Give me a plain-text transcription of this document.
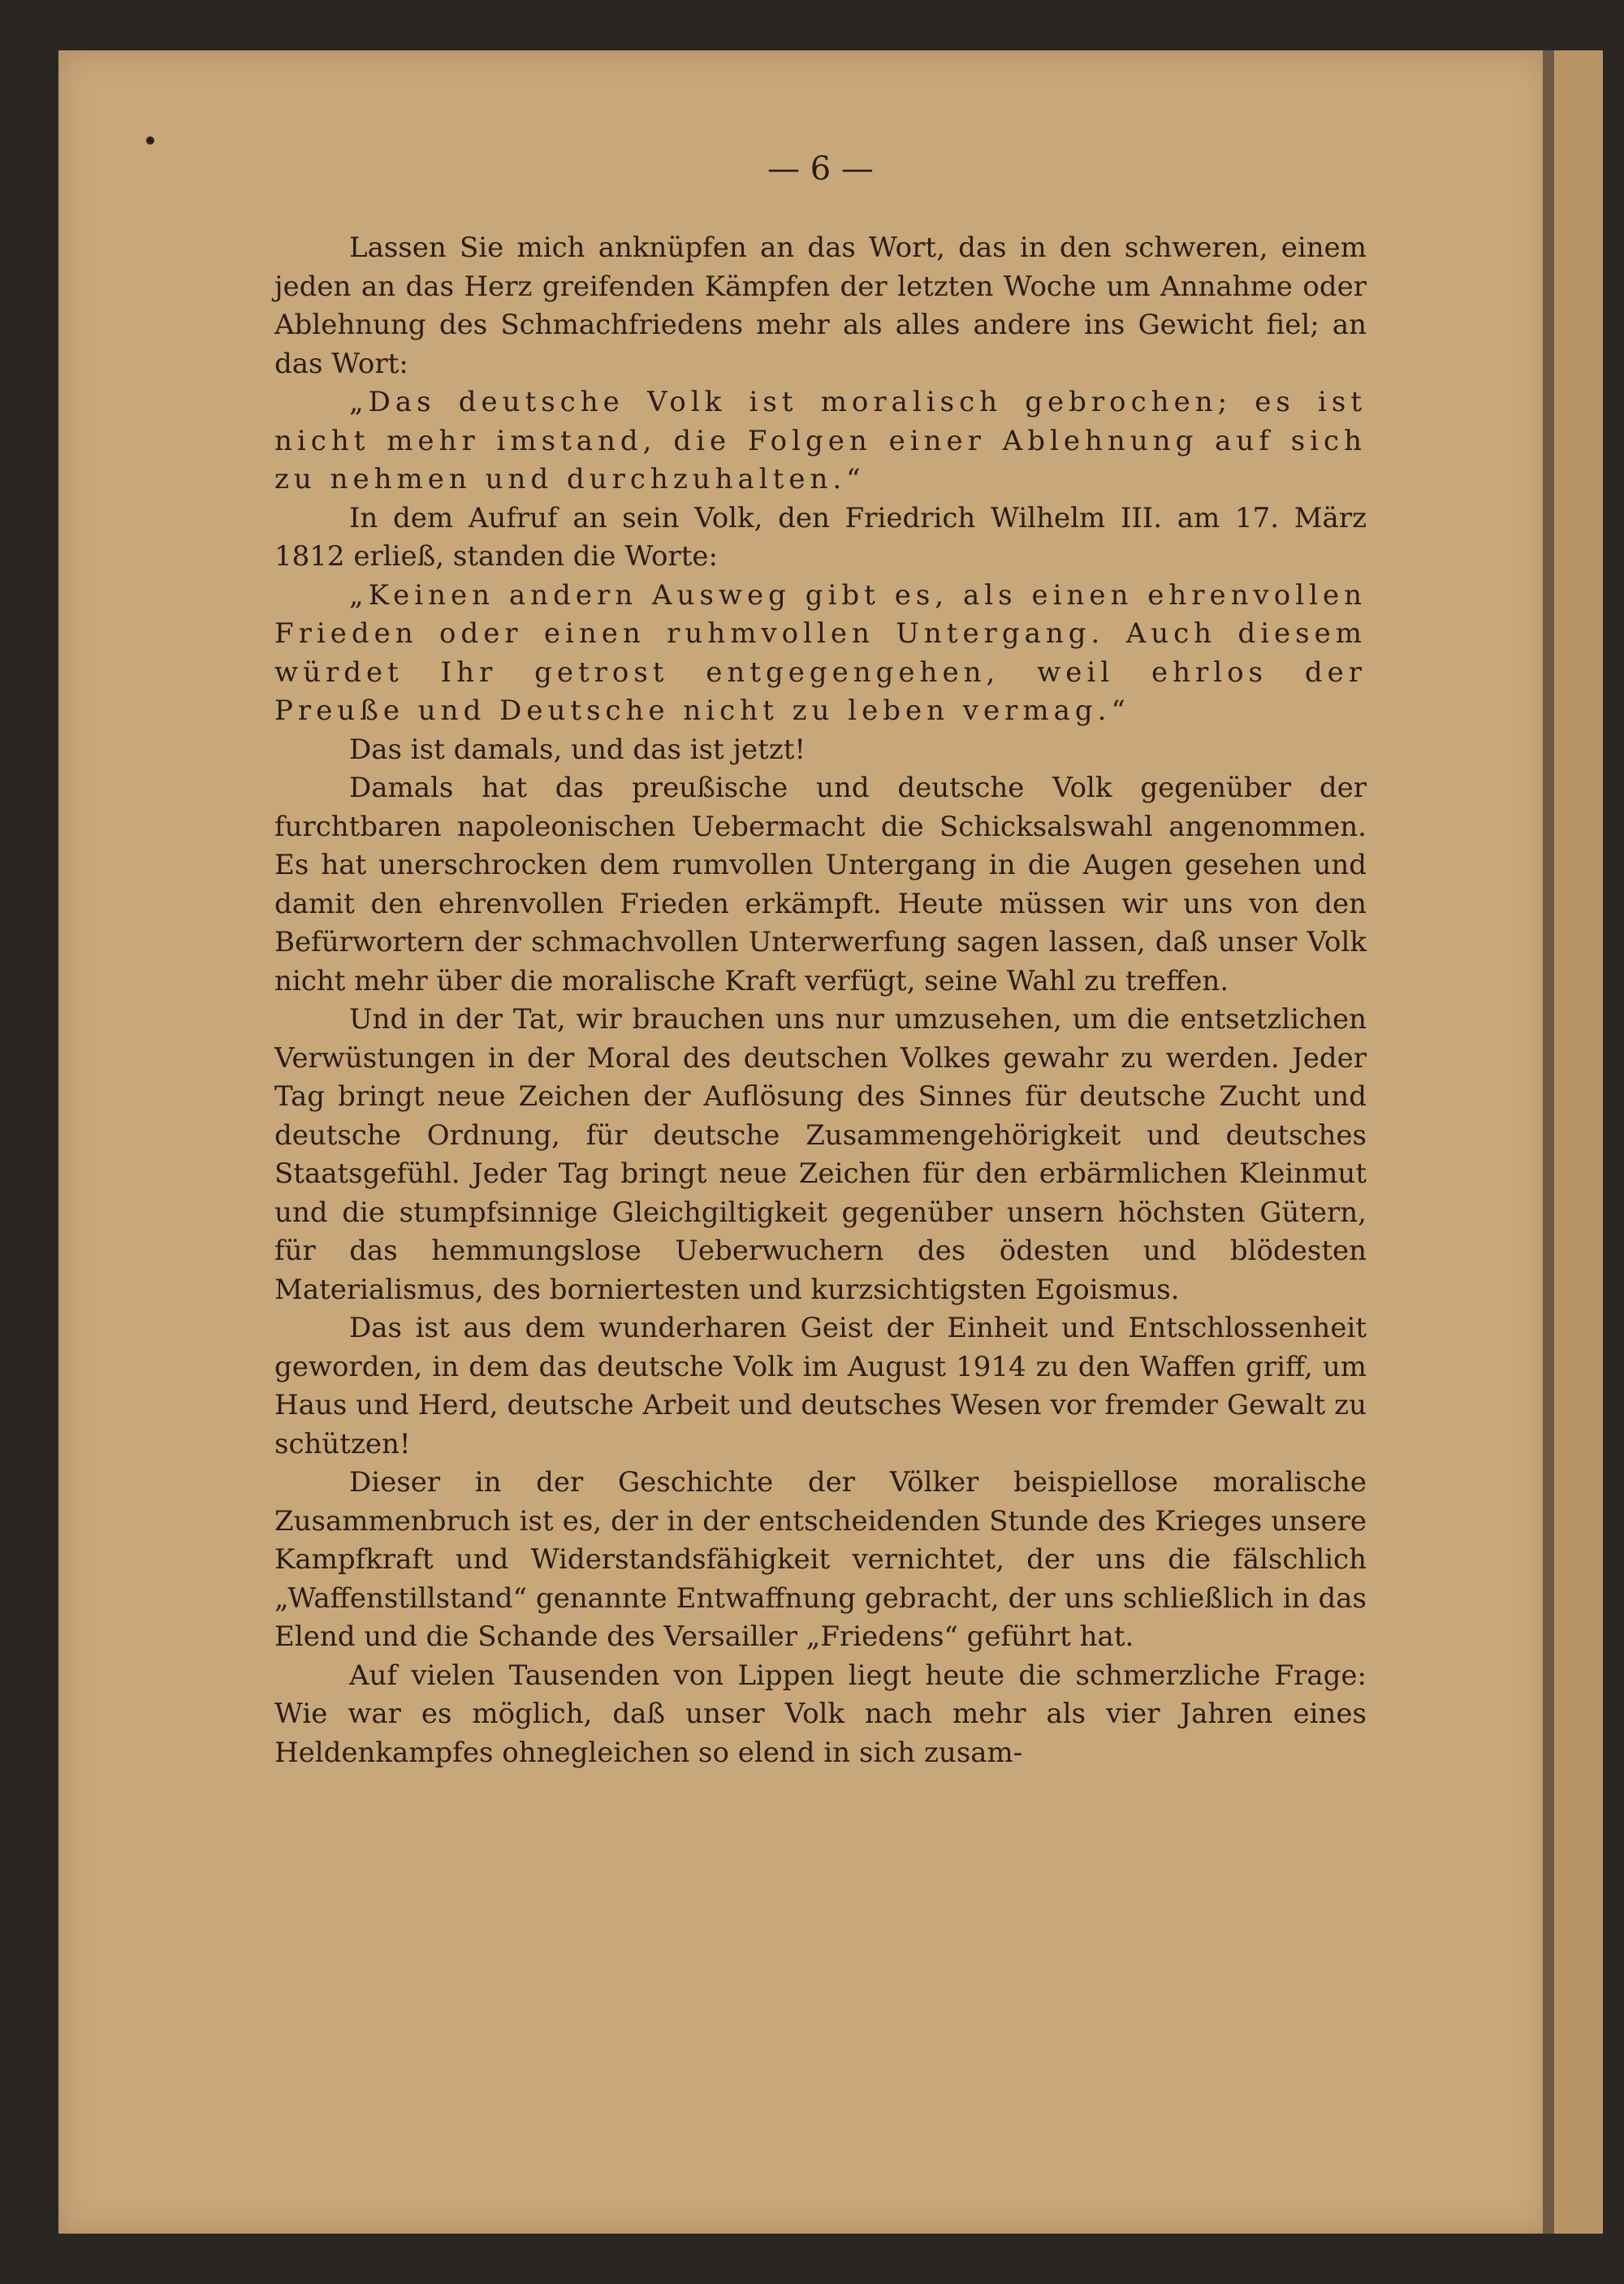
— 6 —

Lassen Sie mich anknüpfen an das Wort, das in den schweren, einem jeden an das Herz greifenden Kämpfen der letzten Woche um Annahme oder Ablehnung des Schmachfriedens mehr als alles andere ins Gewicht fiel; an das Wort:

„Das deutsche Volk ist moralisch gebrochen; es ist nicht mehr imstand, die Folgen einer Ablehnung auf sich zu nehmen und durchzuhalten.“

In dem Aufruf an sein Volk, den Friedrich Wilhelm III. am 17. März 1812 erließ, standen die Worte:

„Keinen andern Ausweg gibt es, als einen ehrenvollen Frieden oder einen ruhmvollen Untergang. Auch diesem würdet Ihr getrost entgegengehen, weil ehrlos der Preuße und Deutsche nicht zu leben vermag.“

Das ist damals, und das ist jetzt!

Damals hat das preußische und deutsche Volk gegenüber der furchtbaren napoleonischen Uebermacht die Schicksalswahl angenommen. Es hat unerschrocken dem rumvollen Untergang in die Augen gesehen und damit den ehrenvollen Frieden erkämpft. Heute müssen wir uns von den Befürwortern der schmachvollen Unterwerfung sagen lassen, daß unser Volk nicht mehr über die moralische Kraft verfügt, seine Wahl zu treffen.

Und in der Tat, wir brauchen uns nur umzusehen, um die entsetzlichen Verwüstungen in der Moral des deutschen Volkes gewahr zu werden. Jeder Tag bringt neue Zeichen der Auflösung des Sinnes für deutsche Zucht und deutsche Ordnung, für deutsche Zusammengehörigkeit und deutsches Staatsgefühl. Jeder Tag bringt neue Zeichen für den erbärmlichen Kleinmut und die stumpfsinnige Gleichgiltigkeit gegenüber unsern höchsten Gütern, für das hemmungslose Ueberwuchern des ödesten und blödesten Materialismus, des borniertesten und kurzsichtigsten Egoismus.

Das ist aus dem wunderharen Geist der Einheit und Entschlossenheit geworden, in dem das deutsche Volk im August 1914 zu den Waffen griff, um Haus und Herd, deutsche Arbeit und deutsches Wesen vor fremder Gewalt zu schützen!

Dieser in der Geschichte der Völker beispiellose moralische Zusammenbruch ist es, der in der entscheidenden Stunde des Krieges unsere Kampfkraft und Widerstandsfähigkeit vernichtet, der uns die fälschlich „Waffenstillstand“ genannte Entwaffnung gebracht, der uns schließlich in das Elend und die Schande des Versailler „Friedens“ geführt hat.

Auf vielen Tausenden von Lippen liegt heute die schmerzliche Frage: Wie war es möglich, daß unser Volk nach mehr als vier Jahren eines Heldenkampfes ohnegleichen so elend in sich zusam-
